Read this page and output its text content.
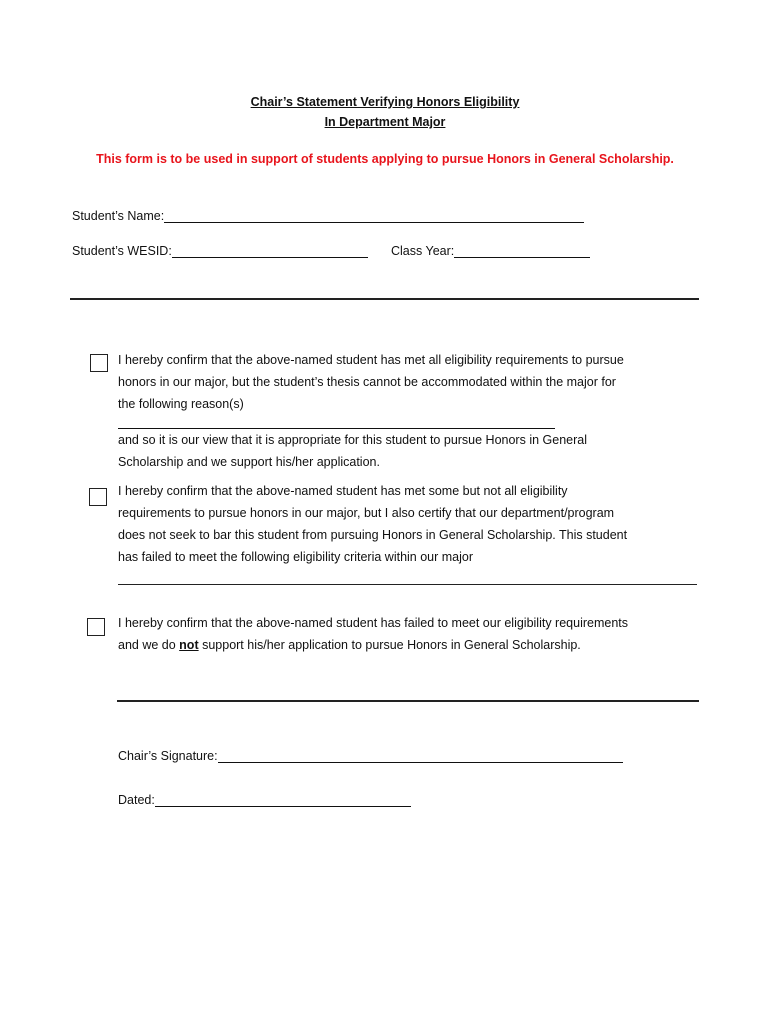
Chair’s Statement Verifying Honors Eligibility
In Department Major
This form is to be used in support of students applying to pursue Honors in General Scholarship.
Student’s Name:
Student’s WESID:	Class Year:
I hereby confirm that the above-named student has met all eligibility requirements to pursue
honors in our major, but the student’s thesis cannot be accommodated within the major for
the following reason(s)
and so it is our view that it is appropriate for this student to pursue Honors in General
Scholarship and we support his/her application.
I hereby confirm that the above-named student has met some but not all eligibility
requirements to pursue honors in our major, but I also certify that our department/program
does not seek to bar this student from pursuing Honors in General Scholarship. This student
has failed to meet the following eligibility criteria within our major
I hereby confirm that the above-named student has failed to meet our eligibility requirements
and we do not support his/her application to pursue Honors in General Scholarship.
Chair’s Signature:
Dated:
